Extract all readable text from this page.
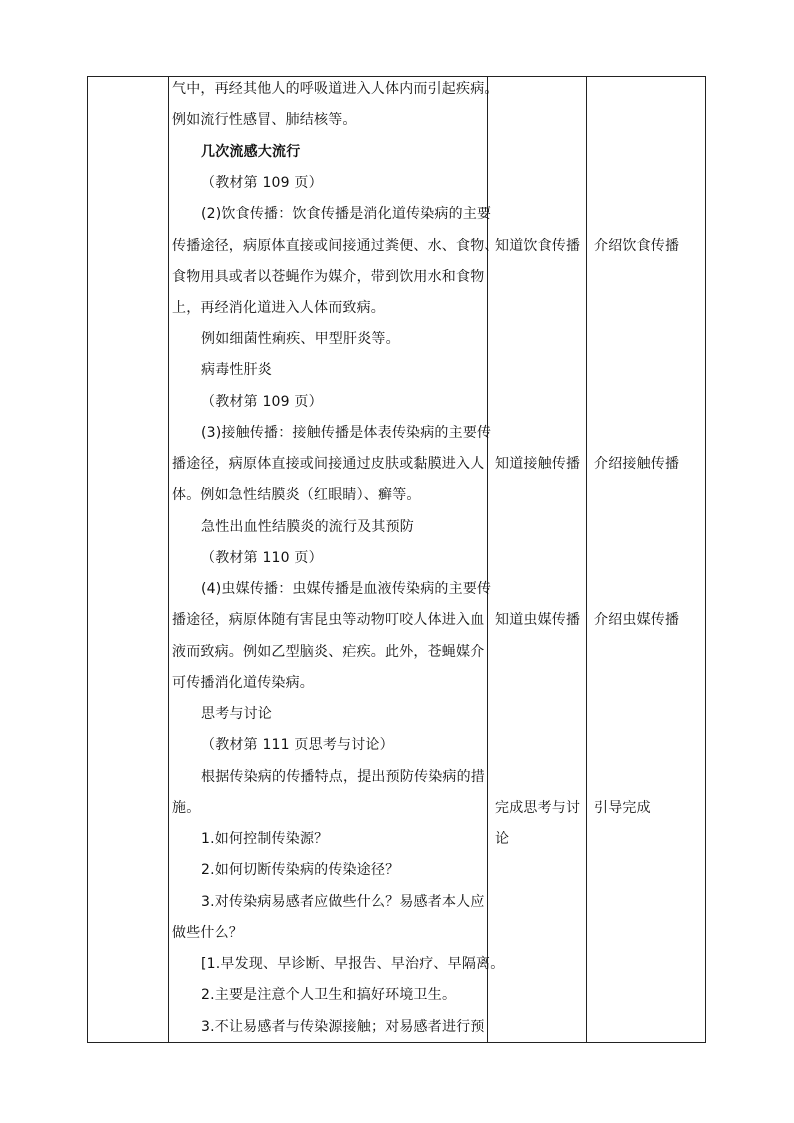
气中，再经其他人的呼吸道进入人体内而引起疾病。
例如流行性感冒、肺结核等。
几次流感大流行
（教材第 109 页）
(2)饮食传播：饮食传播是消化道传染病的主要
传播途径，病原体直接或间接通过粪便、水、食物、
食物用具或者以苍蝇作为媒介，带到饮用水和食物
上，再经消化道进入人体而致病。
例如细菌性痢疾、甲型肝炎等。
病毒性肝炎
（教材第 109 页）
(3)接触传播：接触传播是体表传染病的主要传
播途径，病原体直接或间接通过皮肤或黏膜进入人
体。例如急性结膜炎（红眼睛）、癣等。
急性出血性结膜炎的流行及其预防
（教材第 110 页）
(4)虫媒传播：虫媒传播是血液传染病的主要传
播途径，病原体随有害昆虫等动物叮咬人体进入血
液而致病。例如乙型脑炎、疟疾。此外，苍蝇媒介
可传播消化道传染病。
思考与讨论
（教材第 111 页思考与讨论）
根据传染病的传播特点，提出预防传染病的措
施。
1.如何控制传染源？
2.如何切断传染病的传染途径？
3.对传染病易感者应做些什么？易感者本人应
做些什么？
[1.早发现、早诊断、早报告、早治疗、早隔离。
2.主要是注意个人卫生和搞好环境卫生。
3.不让易感者与传染源接触；对易感者进行预
知道饮食传播
知道接触传播
知道虫媒传播
完成思考与讨
论
介绍饮食传播
介绍接触传播
介绍虫媒传播
引导完成
